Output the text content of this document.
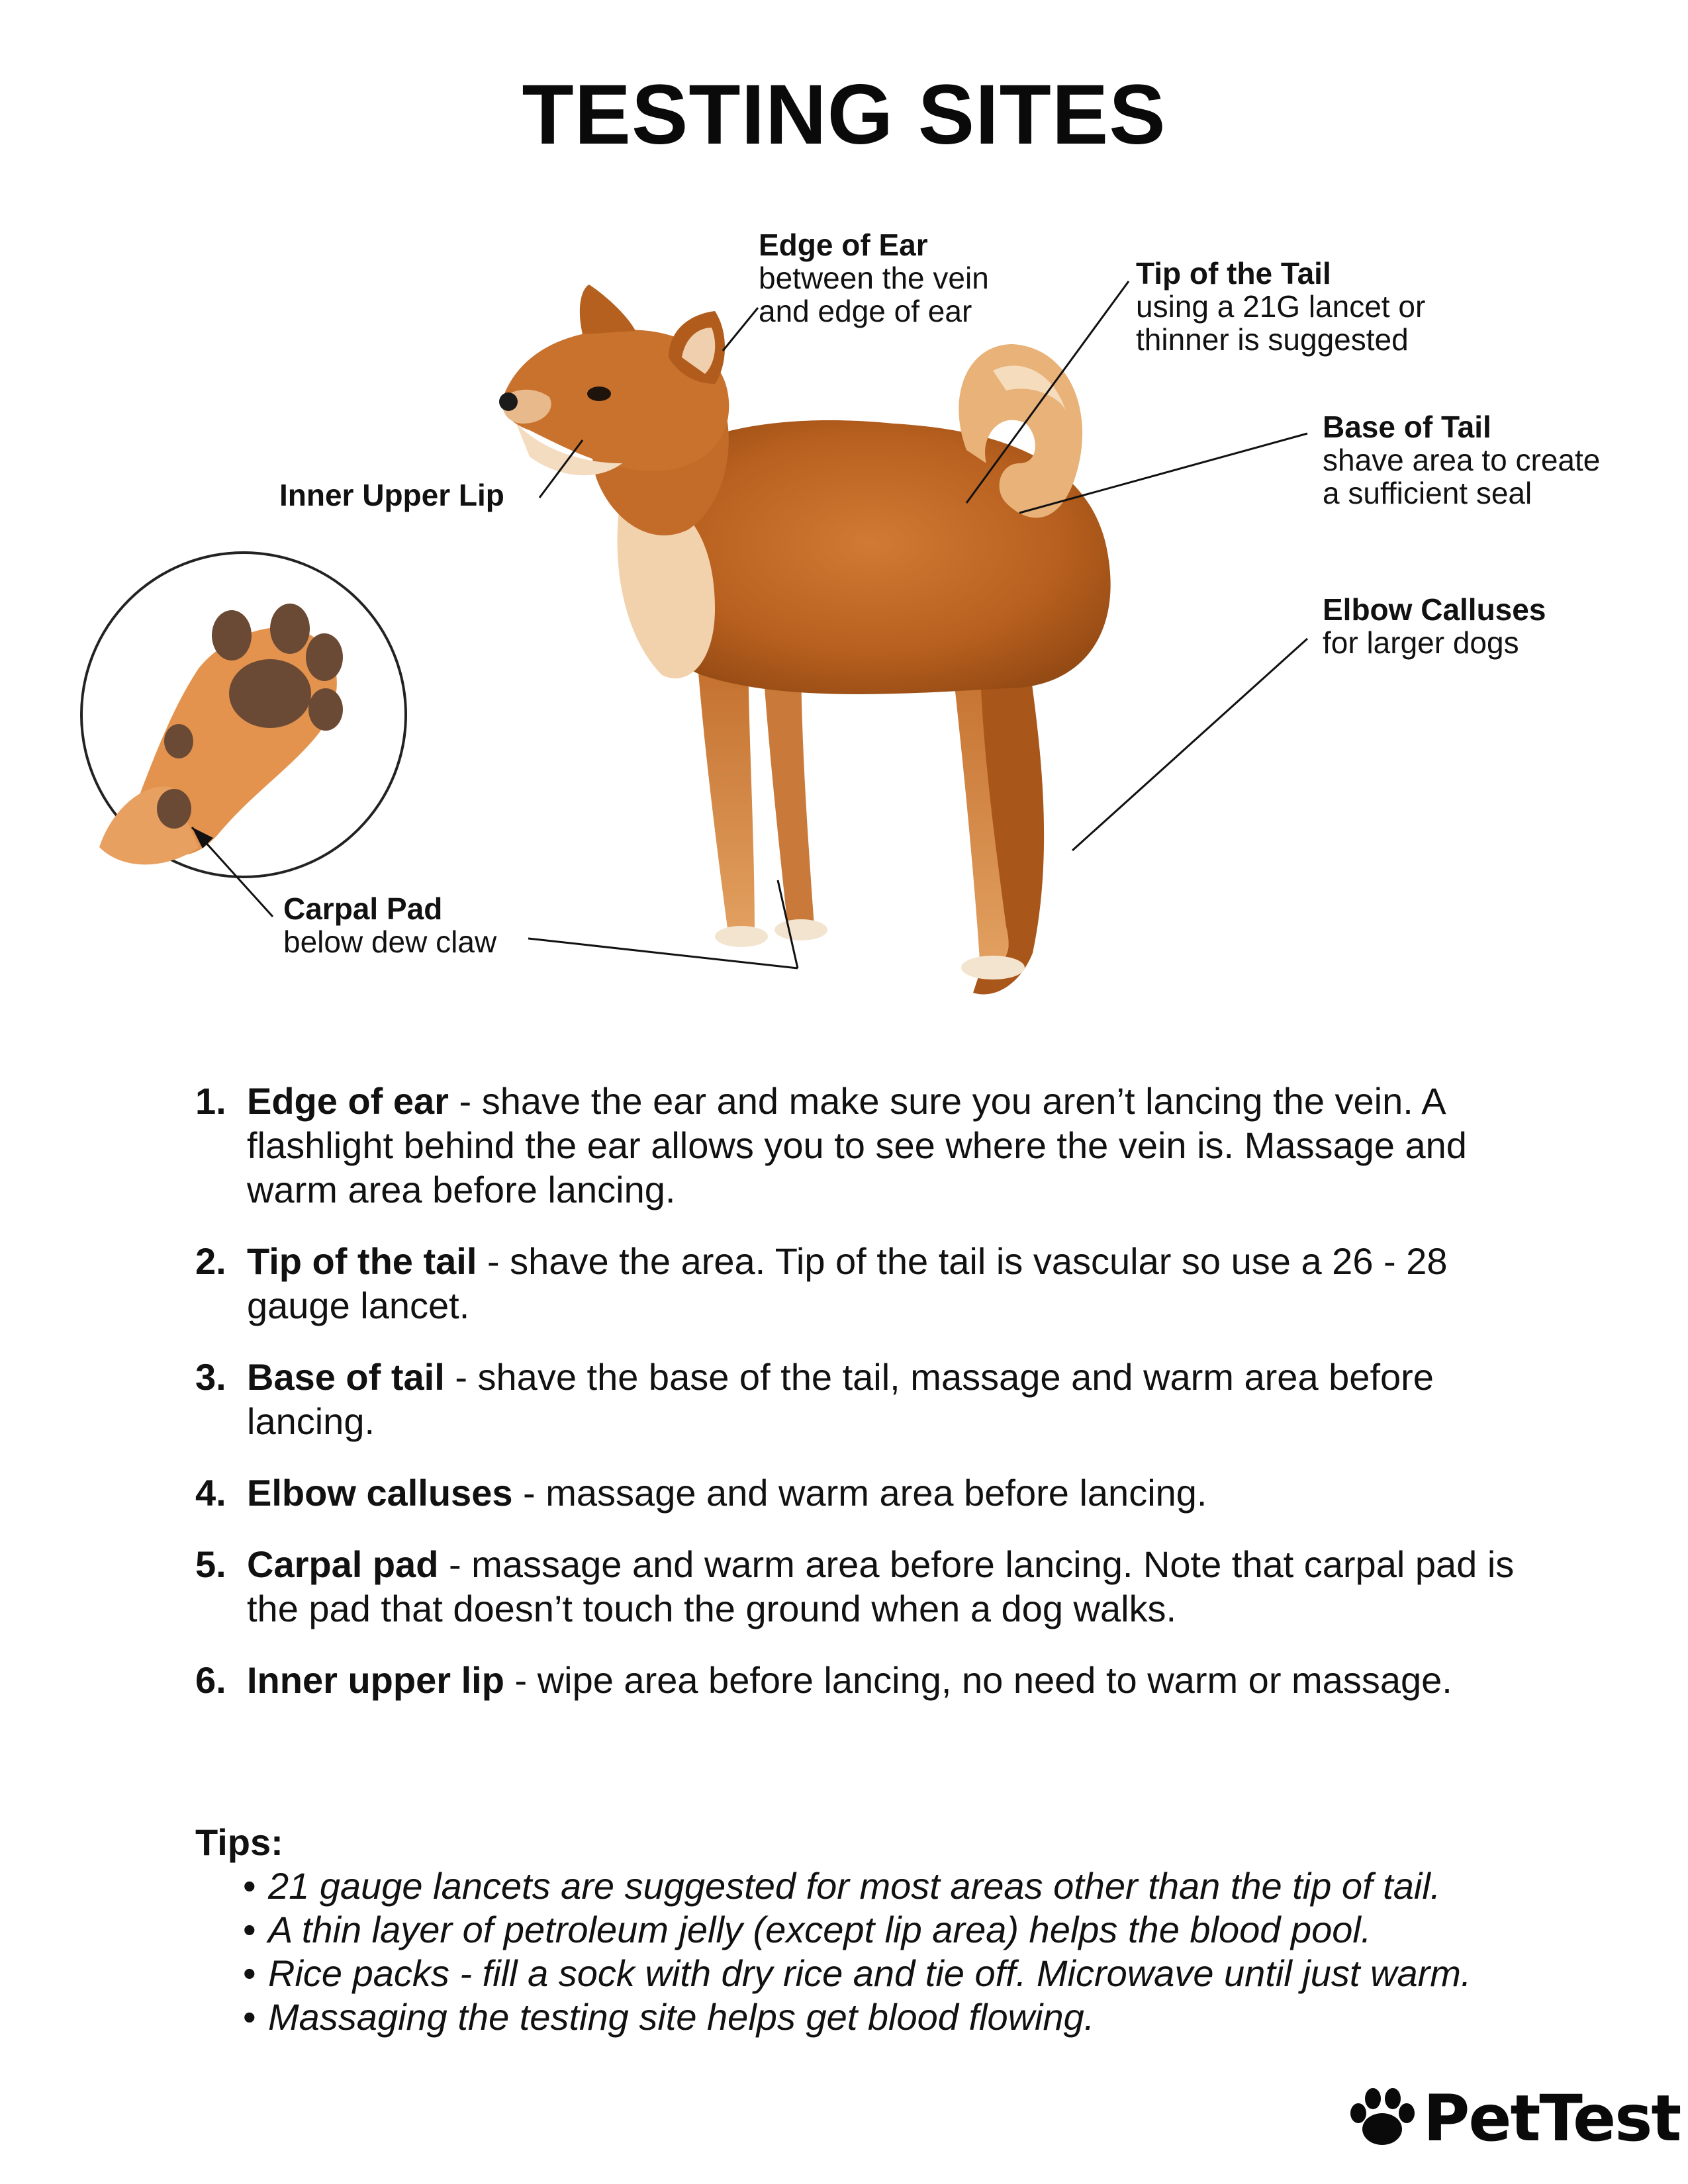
TESTING SITES
Edge of Ear
between the vein
and edge of ear
Tip of the Tail
using a 21G lancet or
thinner is suggested
Base of Tail
shave area to create
a sufficient seal
Elbow Calluses
for larger dogs
Inner Upper Lip
Carpal Pad
below dew claw
1. Edge of ear - shave the ear and make sure you aren’t lancing the vein. A flashlight behind the ear allows you to see where the vein is. Massage and warm area before lancing.
2. Tip of the tail - shave the area. Tip of the tail is vascular so use a 26 - 28 gauge lancet.
3. Base of tail - shave the base of the tail, massage and warm area before lancing.
4. Elbow calluses - massage and warm area before lancing.
5. Carpal pad - massage and warm area before lancing. Note that carpal pad is the pad that doesn’t touch the ground when a dog walks.
6. Inner upper lip - wipe area before lancing, no need to warm or massage.
Tips:
• 21 gauge lancets are suggested for most areas other than the tip of tail.
• A thin layer of petroleum jelly (except lip area) helps the blood pool.
• Rice packs - fill a sock with dry rice and tie off. Microwave until just warm.
• Massaging the testing site helps get blood flowing.
PetTest
